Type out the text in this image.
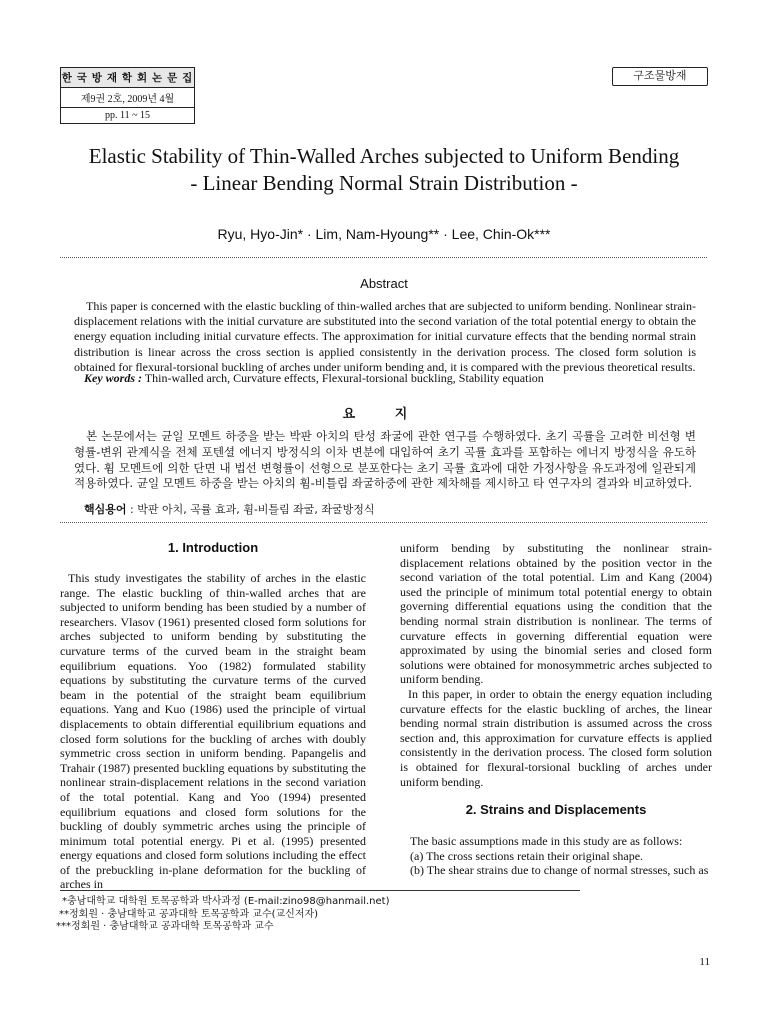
한 국 방 재 학 회 논 문 집
제9권 2호, 2009년 4월
pp. 11 ~ 15
구조물방재
Elastic Stability of Thin-Walled Arches subjected to Uniform Bending
- Linear Bending Normal Strain Distribution -
Ryu, Hyo-Jin* · Lim, Nam-Hyoung** · Lee, Chin-Ok***
Abstract
This paper is concerned with the elastic buckling of thin-walled arches that are subjected to uniform bending. Nonlinear strain-displacement relations with the initial curvature are substituted into the second variation of the total potential energy to obtain the energy equation including initial curvature effects. The approximation for initial curvature effects that the bending normal strain distribution is linear across the cross section is applied consistently in the derivation process. The closed form solution is obtained for flexural-torsional buckling of arches under uniform bending and, it is compared with the previous theoretical results.
Key words : Thin-walled arch, Curvature effects, Flexural-torsional buckling, Stability equation
요 지
본 논문에서는 균일 모멘트 하중을 받는 박판 아치의 탄성 좌굴에 관한 연구를 수행하였다. 초기 곡률을 고려한 비선형 변형률-변위 관계식을 전체 포텐셜 에너지 방정식의 이차 변분에 대입하여 초기 곡률 효과를 포함하는 에너지 방정식을 유도하였다. 휨 모멘트에 의한 단면 내 법선 변형률이 선형으로 분포한다는 초기 곡률 효과에 대한 가정사항을 유도과정에 일관되게 적용하였다. 균일 모멘트 하중을 받는 아치의 휨-비틀림 좌굴하중에 관한 제차해를 제시하고 타 연구자의 결과와 비교하였다.
핵심용어 : 박판 아치, 곡률 효과, 휨-비틀림 좌굴, 좌굴방정식
1. Introduction

This study investigates the stability of arches in the elastic range. The elastic buckling of thin-walled arches that are subjected to uniform bending has been studied by a number of researchers. Vlasov (1961) presented closed form solutions for arches subjected to uniform bending by substituting the curvature terms of the curved beam in the straight beam equilibrium equations. Yoo (1982) formulated stability equations by substituting the curvature terms of the curved beam in the potential of the straight beam equilibrium equations. Yang and Kuo (1986) used the principle of virtual displacements to obtain differential equilibrium equations and closed form solutions for the buckling of arches with doubly symmetric cross section in uniform bending. Papangelis and Trahair (1987) presented buckling equations by substituting the nonlinear strain-displacement relations in the second variation of the total potential. Kang and Yoo (1994) presented equilibrium equations and closed form solutions for the buckling of doubly symmetric arches using the principle of minimum total potential energy. Pi et al. (1995) presented energy equations and closed form solutions including the effect of the prebuckling in-plane deformation for the buckling of arches in

uniform bending by substituting the nonlinear strain-displacement relations obtained by the position vector in the second variation of the total potential. Lim and Kang (2004) used the principle of minimum total potential energy to obtain governing differential equations using the condition that the bending normal strain distribution is nonlinear. The terms of curvature effects in governing differential equation were approximated by using the binomial series and closed form solutions were obtained for monosymmetric arches subjected to uniform bending.

In this paper, in order to obtain the energy equation including curvature effects for the elastic buckling of arches, the linear bending normal strain distribution is assumed across the cross section and, this approximation for curvature effects is applied consistently in the derivation process. The closed form solution is obtained for flexural-torsional buckling of arches under uniform bending.

2. Strains and Displacements

The basic assumptions made in this study are as follows:

(a) The cross sections retain their original shape.

(b) The shear strains due to change of normal stresses, such as

*충남대학교 대학원 토목공학과 박사과정 (E-mail:zino98@hanmail.net)
**정회원 · 충남대학교 공과대학 토목공학과 교수(교신저자)
***정회원 · 충남대학교 공과대학 토목공학과 교수
11
